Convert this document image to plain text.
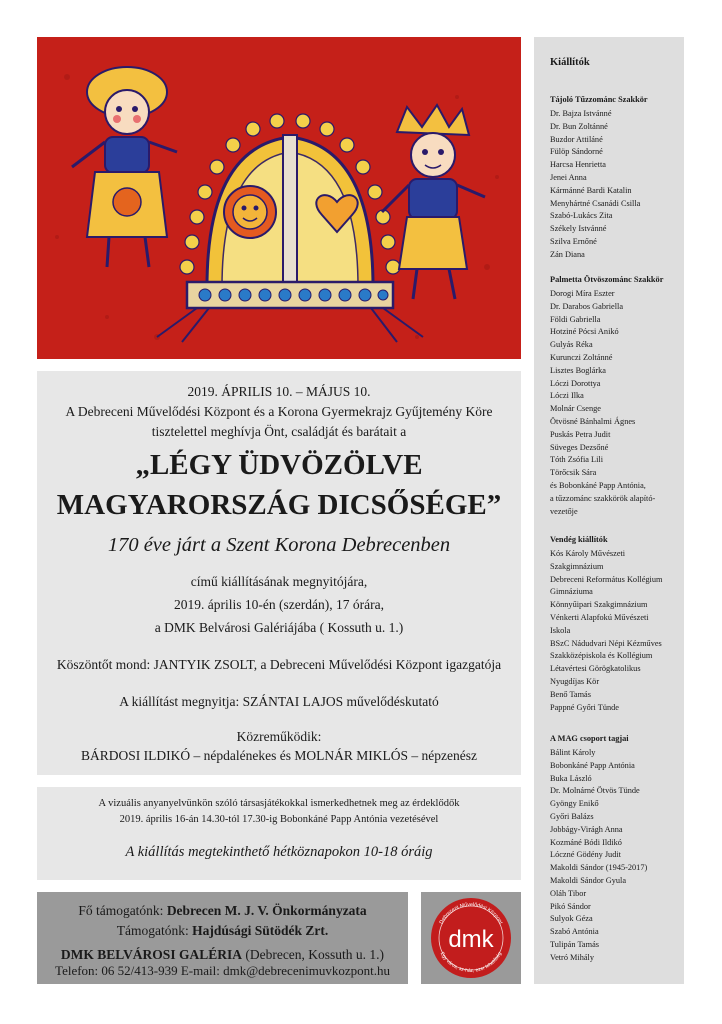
2019. ÁPRILIS 10. – MÁJUS 10.
A Debreceni Művelődési Központ és a Korona Gyermekrajz Gyűjtemény Köre
tisztelettel meghívja Önt, családját és barátait a
„LÉGY ÜDVÖZÖLVE
MAGYARORSZÁG DICSŐSÉGE”
170 éve járt a Szent Korona Debrecenben
című kiállításának megnyitójára,
2019. április 10-én (szerdán), 17 órára,
a DMK Belvárosi Galériájába ( Kossuth u. 1.)
Köszöntőt mond: JANTYIK ZSOLT, a Debreceni Művelődési Központ igazgatója
A kiállítást megnyitja: SZÁNTAI LAJOS művelődéskutató
Közreműködik:
BÁRDOSI ILDIKÓ – népdalénekes és MOLNÁR MIKLÓS – népzenész
A vizuális anyanyelvünkön szóló társasjátékokkal ismerkedhetnek meg az érdeklődők
2019. április 16-án 14.30-tól 17.30-ig Bobonkáné Papp Antónia vezetésével
A kiállítás megtekinthető hétköznapokon 10-18 óráig
Fő támogatónk: Debrecen M. J. V. Önkormányzata
Támogatónk: Hajdúsági Sütödék Zrt.
DMK BELVÁROSI GALÉRIA (Debrecen, Kossuth u. 1.)
Telefon: 06 52/413-939 E-mail: dmk@debrecenimuvkozpont.hu
Debreceni Művelődési Központ
Egy város, sz-ház, ezer lehetőség
dmk
Kiállítók
Tájoló Tűzzománc Szakkör
Dr. Bajza Istvánné
Dr. Bun Zoltánné
Buzdor Attiláné
Fülöp Sándorné
Harcsa Henrietta
Jenei Anna
Kármánné Bardi Katalin
Menyhártné Csanádi Csilla
Szabó-Lukács Zita
Székely Istvánné
Szilva Ernőné
Zán Diana
Palmetta Ötvöszománc Szakkör
Dorogi Míra Eszter
Dr. Darabos Gabriella
Földi Gabriella
Hotziné Pócsi Anikó
Gulyás Réka
Kurunczi Zoltánné
Lisztes Boglárka
Lóczi Dorottya
Lóczi Ilka
Molnár Csenge
Ötvösné Bánhalmi Ágnes
Puskás Petra Judit
Süveges Dezsőné
Tóth Zsófia Lili
Törőcsik Sára
és Bobonkáné Papp Antónia,
a tűzzománc szakkörök alapító-
vezetője
Vendég kiállítók
Kós Károly Művészeti
Szakgimnázium
Debreceni Református Kollégium
Gimnáziuma
Könnyűipari Szakgimnázium
Vénkerti Alapfokú Művészeti
Iskola
BSzC Nádudvari Népi Kézműves
Szakközépiskola és Kollégium
Létavértesi Görögkatolikus
Nyugdíjas Kör
Benő Tamás
Pappné Győri Tünde
A MAG csoport tagjai
Bálint Károly
Bobonkáné Papp Antónia
Buka László
Dr. Molnárné Ötvös Tünde
Gyöngy Enikő
Győri Balázs
Jobbágy-Virágh Anna
Kozmáné Bódi Ildikó
Lóczné Gödény Judit
Makoldi Sándor (1945-2017)
Makoldi Sándor Gyula
Oláh Tibor
Pikó Sándor
Sulyok Géza
Szabó Antónia
Tulipán Tamás
Vetró Mihály
